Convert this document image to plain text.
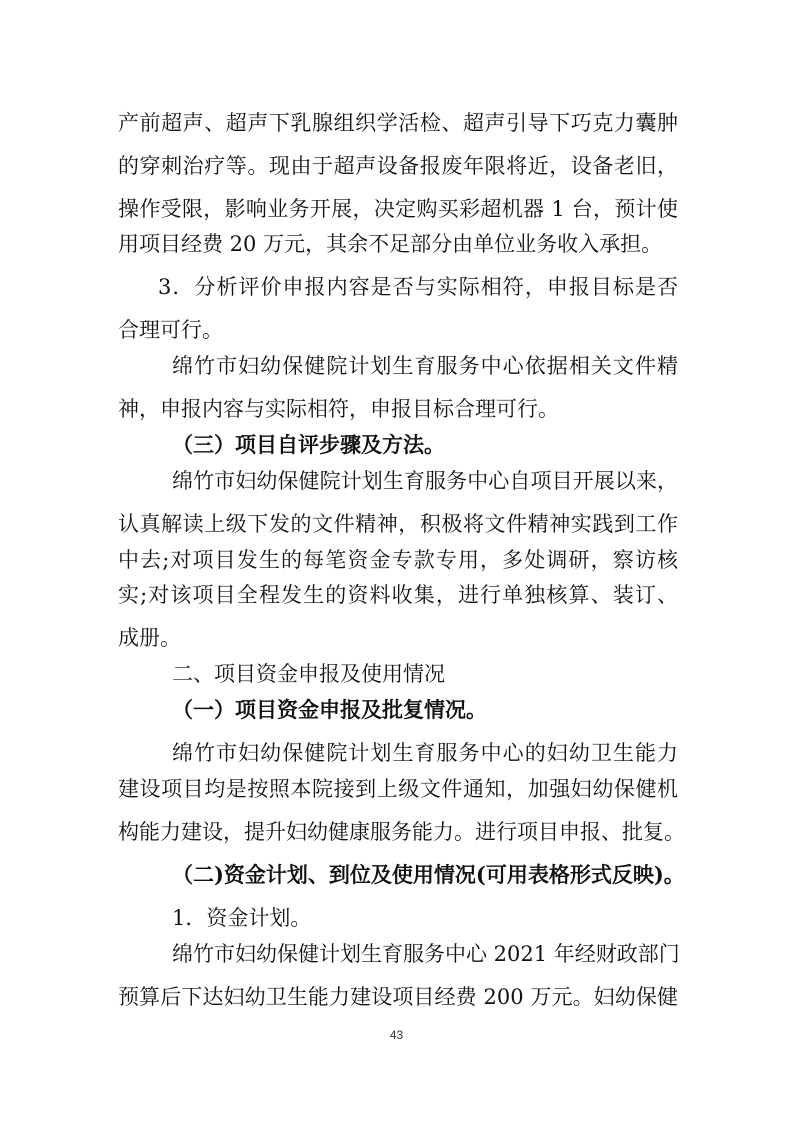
产前超声、超声下乳腺组织学活检、超声引导下巧克力囊肿
的穿刺治疗等。现由于超声设备报废年限将近，设备老旧，
操作受限，影响业务开展，决定购买彩超机器 1 台，预计使
用项目经费 20 万元，其余不足部分由单位业务收入承担。
3．分析评价申报内容是否与实际相符，申报目标是否
合理可行。
绵竹市妇幼保健院计划生育服务中心依据相关文件精
神，申报内容与实际相符，申报目标合理可行。
（三）项目自评步骤及方法。
绵竹市妇幼保健院计划生育服务中心自项目开展以来，
认真解读上级下发的文件精神，积极将文件精神实践到工作
中去;对项目发生的每笔资金专款专用，多处调研，察访核
实;对该项目全程发生的资料收集，进行单独核算、装订、
成册。
二、项目资金申报及使用情况
（一）项目资金申报及批复情况。
绵竹市妇幼保健院计划生育服务中心的妇幼卫生能力
建设项目均是按照本院接到上级文件通知，加强妇幼保健机
构能力建设，提升妇幼健康服务能力。进行项目申报、批复。
（二)资金计划、到位及使用情况(可用表格形式反映)。
1．资金计划。
绵竹市妇幼保健计划生育服务中心 2021 年经财政部门
预算后下达妇幼卫生能力建设项目经费 200 万元。妇幼保健
43
